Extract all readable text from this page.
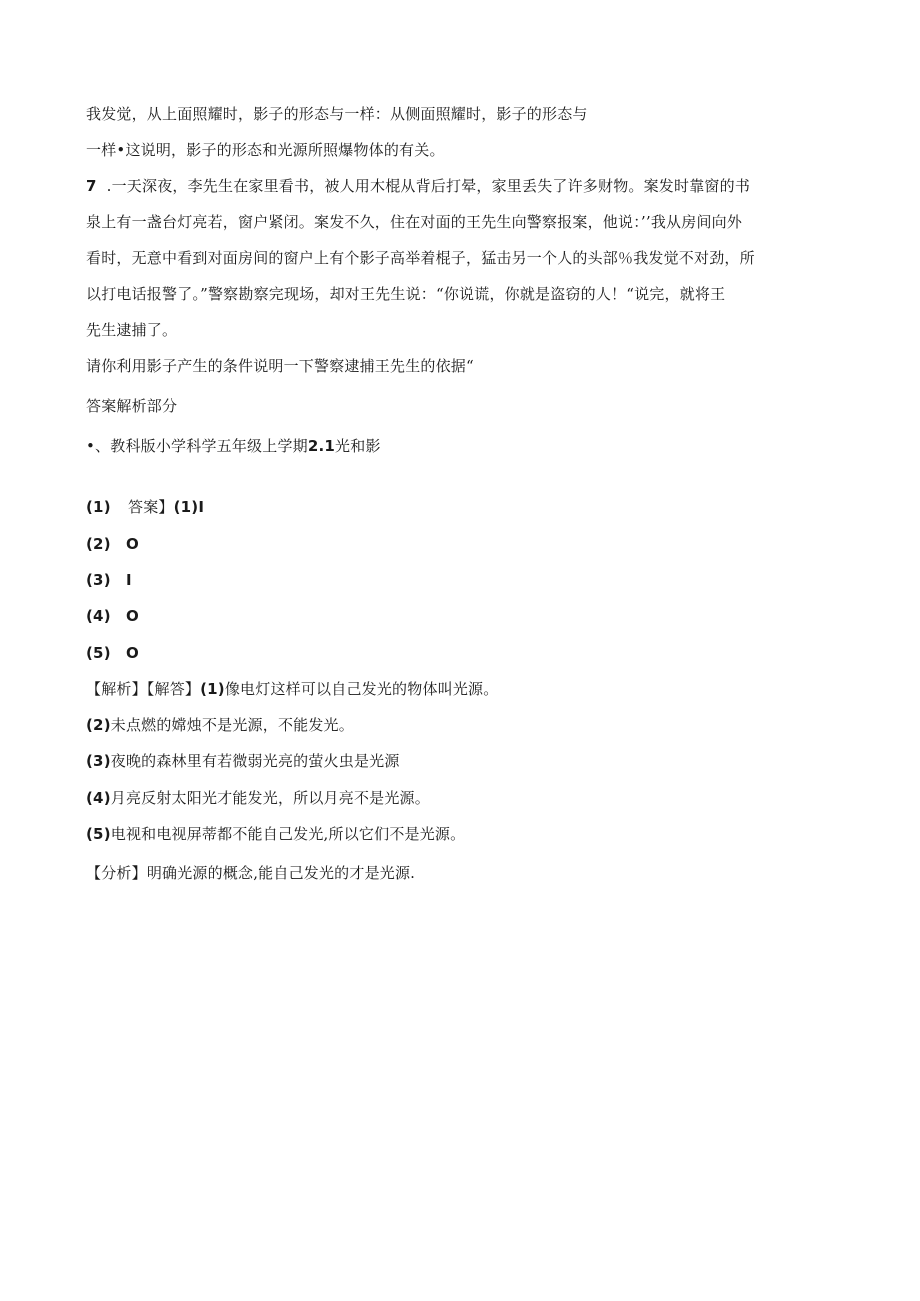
我发觉，从上面照耀时，影子的形态与一样：从侧面照耀时，影子的形态与
一样•这说明，影子的形态和光源所照爆物体的有关。
7 .一天深夜，李先生在家里看书，被人用木棍从背后打晕，家里丢失了许多财物。案发时靠窗的书
泉上有一盏台灯亮若，窗户紧闭。案发不久，住在对面的王先生向警察报案，他说：’’我从房间向外
看时，无意中看到对面房间的窗户上有个影子高举着棍子，猛击另一个人的头部％我发觉不对劲，所
以打电话报警了。”警察勘察完现场，却对王先生说：“你说谎，你就是盗窃的人！“说完，就将王
先生逮捕了。
请你利用影子产生的条件说明一下警察逮捕王先生的依据“
答案解析部分
•、教科版小学科学五年级上学期2.1光和影
(1) 答案】(1)I
(2) O
(3) I
(4) O
(5) O
【解析】【解答】(1)像电灯这样可以自己发光的物体叫光源。
(2)未点燃的嫦烛不是光源，不能发光。
(3)夜晚的森林里有若微弱光亮的萤火虫是光源
(4)月亮反射太阳光才能发光，所以月亮不是光源。
(5)电视和电视屏蒂都不能自己发光,所以它们不是光源。
【分析】明确光源的概念,能自己发光的才是光源.
